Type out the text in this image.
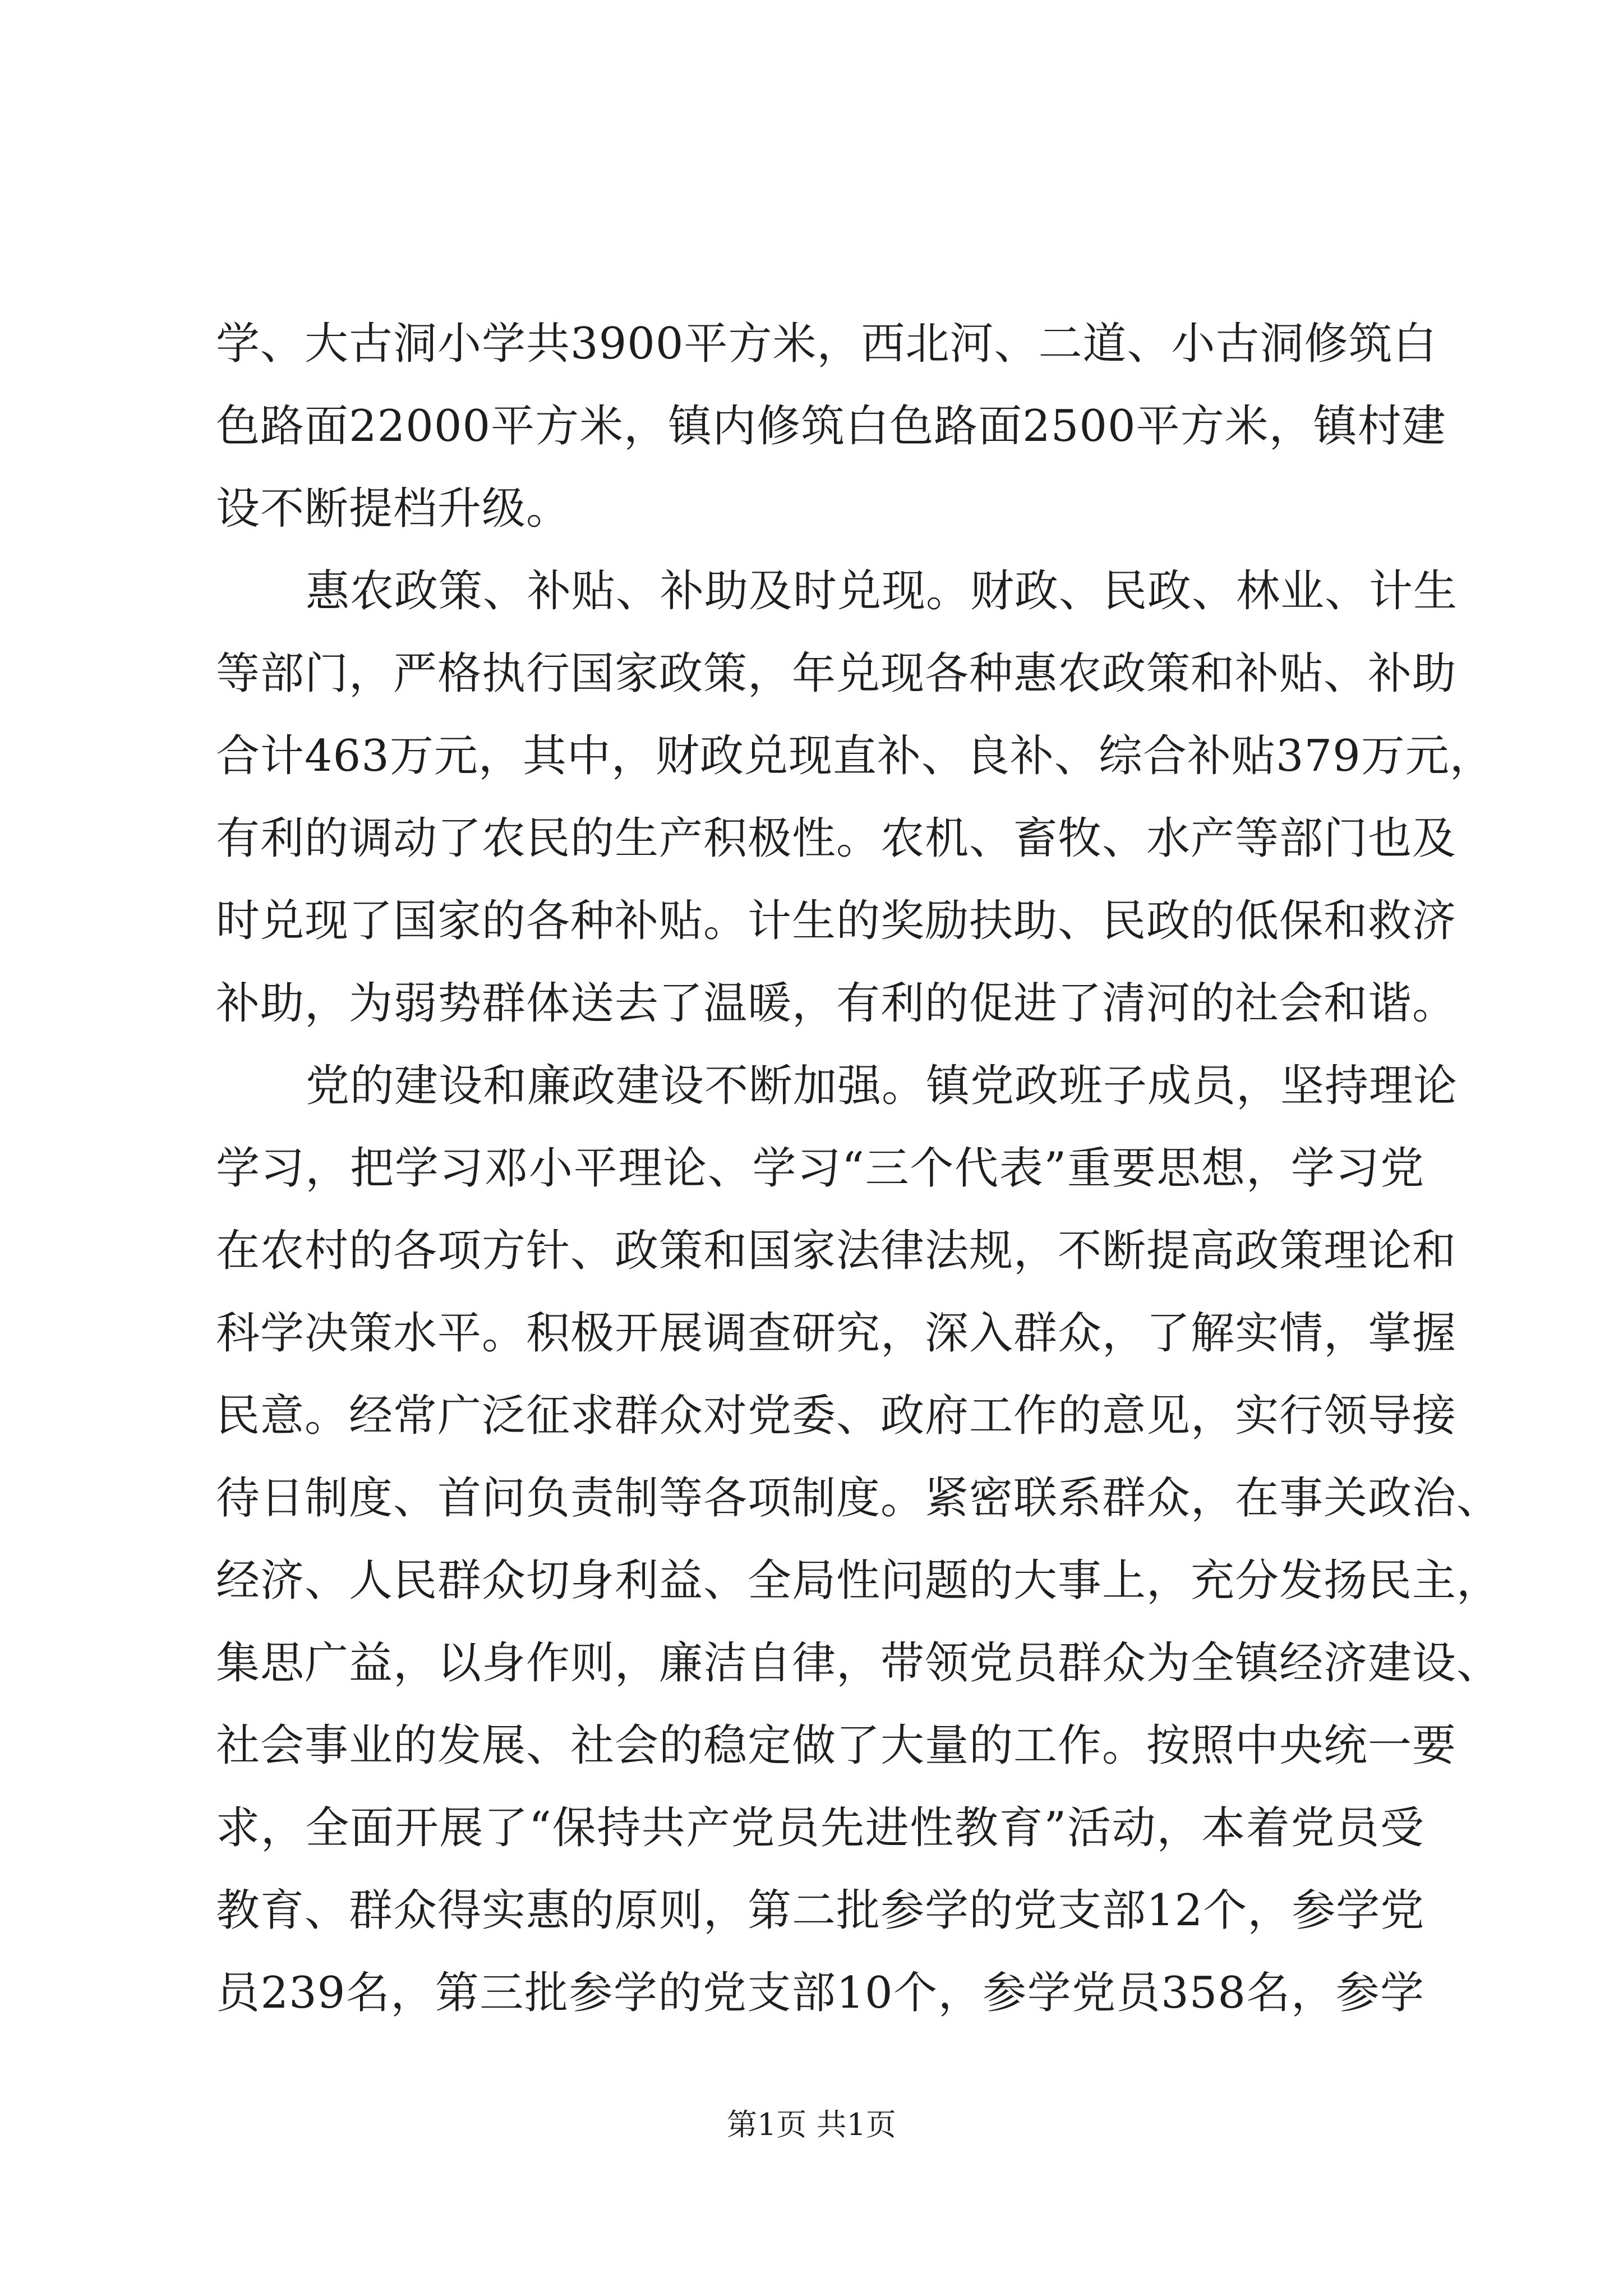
学、大古洞小学共3900平方米，西北河、二道、小古洞修筑白
色路面22000平方米，镇内修筑白色路面2500平方米，镇村建
设不断提档升级。
惠农政策、补贴、补助及时兑现。财政、民政、林业、计生
等部门，严格执行国家政策，年兑现各种惠农政策和补贴、补助
合计463万元，其中，财政兑现直补、良补、综合补贴379万元，
有利的调动了农民的生产积极性。农机、畜牧、水产等部门也及
时兑现了国家的各种补贴。计生的奖励扶助、民政的低保和救济
补助，为弱势群体送去了温暖，有利的促进了清河的社会和谐。
党的建设和廉政建设不断加强。镇党政班子成员，坚持理论
学习，把学习邓小平理论、学习“三个代表”重要思想，学习党
在农村的各项方针、政策和国家法律法规，不断提高政策理论和
科学决策水平。积极开展调查研究，深入群众，了解实情，掌握
民意。经常广泛征求群众对党委、政府工作的意见，实行领导接
待日制度、首问负责制等各项制度。紧密联系群众，在事关政治、
经济、人民群众切身利益、全局性问题的大事上，充分发扬民主，
集思广益，以身作则，廉洁自律，带领党员群众为全镇经济建设、
社会事业的发展、社会的稳定做了大量的工作。按照中央统一要
求，全面开展了“保持共产党员先进性教育”活动，本着党员受
教育、群众得实惠的原则，第二批参学的党支部12个，参学党
员239名，第三批参学的党支部10个，参学党员358名，参学
第1页 共1页
